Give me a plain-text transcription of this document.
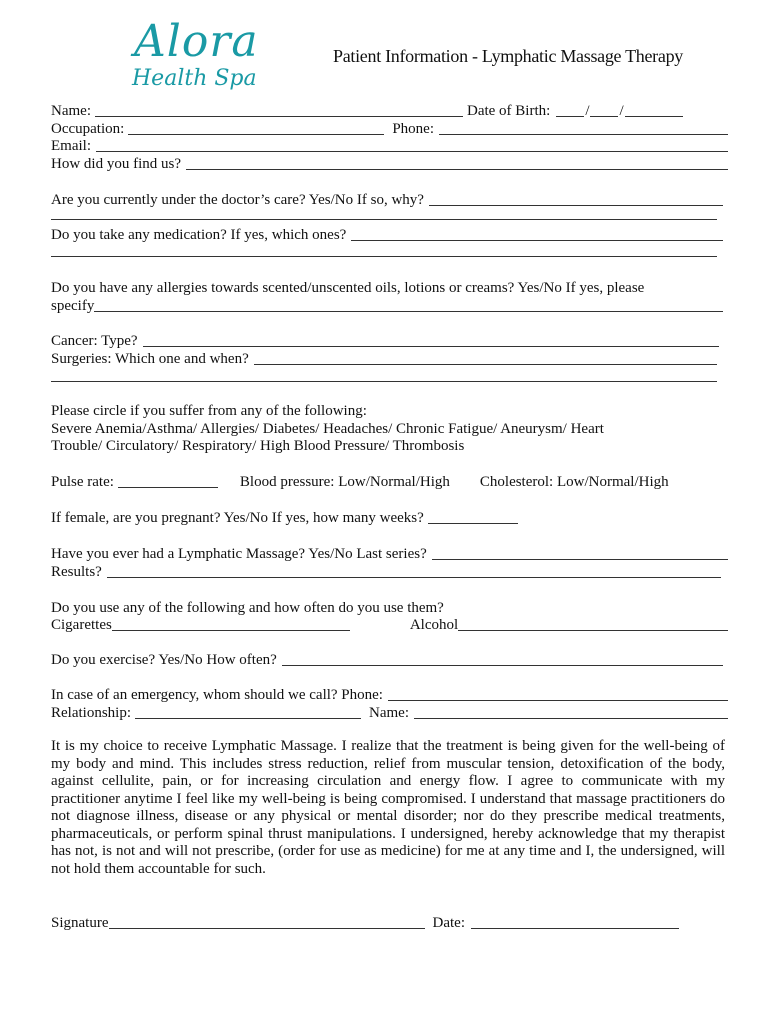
Alora
Health Spa
Patient Information - Lymphatic Massage Therapy
Name:	Date of Birth: / /
Occupation:	Phone:
Email:
How did you find us?
Are you currently under the doctor’s care? Yes/No If so, why?
Do you take any medication? If yes, which ones?
Do you have any allergies towards scented/unscented oils, lotions or creams? Yes/No If yes, please
specify
Cancer: Type?
Surgeries: Which one and when?
Please circle if you suffer from any of the following:
Severe Anemia/Asthma/ Allergies/ Diabetes/ Headaches/ Chronic Fatigue/ Aneurysm/ Heart
Trouble/ Circulatory/ Respiratory/ High Blood Pressure/ Thrombosis
Pulse rate:	Blood pressure: Low/Normal/High Cholesterol: Low/Normal/High
If female, are you pregnant? Yes/No If yes, how many weeks?
Have you ever had a Lymphatic Massage? Yes/No Last series?
Results?
Do you use any of the following and how often do you use them?
Cigarettes	Alcohol
Do you exercise? Yes/No How often?
In case of an emergency, whom should we call? Phone:
Relationship:	Name:
It is my choice to receive Lymphatic Massage. I realize that the treatment is being given for the well-being of my body and mind. This includes stress reduction, relief from muscular tension, detoxification of the body, against cellulite, pain, or for increasing circulation and energy flow. I agree to communicate with my practitioner anytime I feel like my well-being is being compromised. I understand that massage practitioners do not diagnose illness, disease or any physical or mental disorder; nor do they prescribe medical treatments, pharmaceuticals, or perform spinal thrust manipulations. I undersigned, hereby acknowledge that my therapist has not, is not and will not prescribe, (order for use as medicine) for me at any time and I, the undersigned, will not hold them accountable for such.
Signature	Date:
